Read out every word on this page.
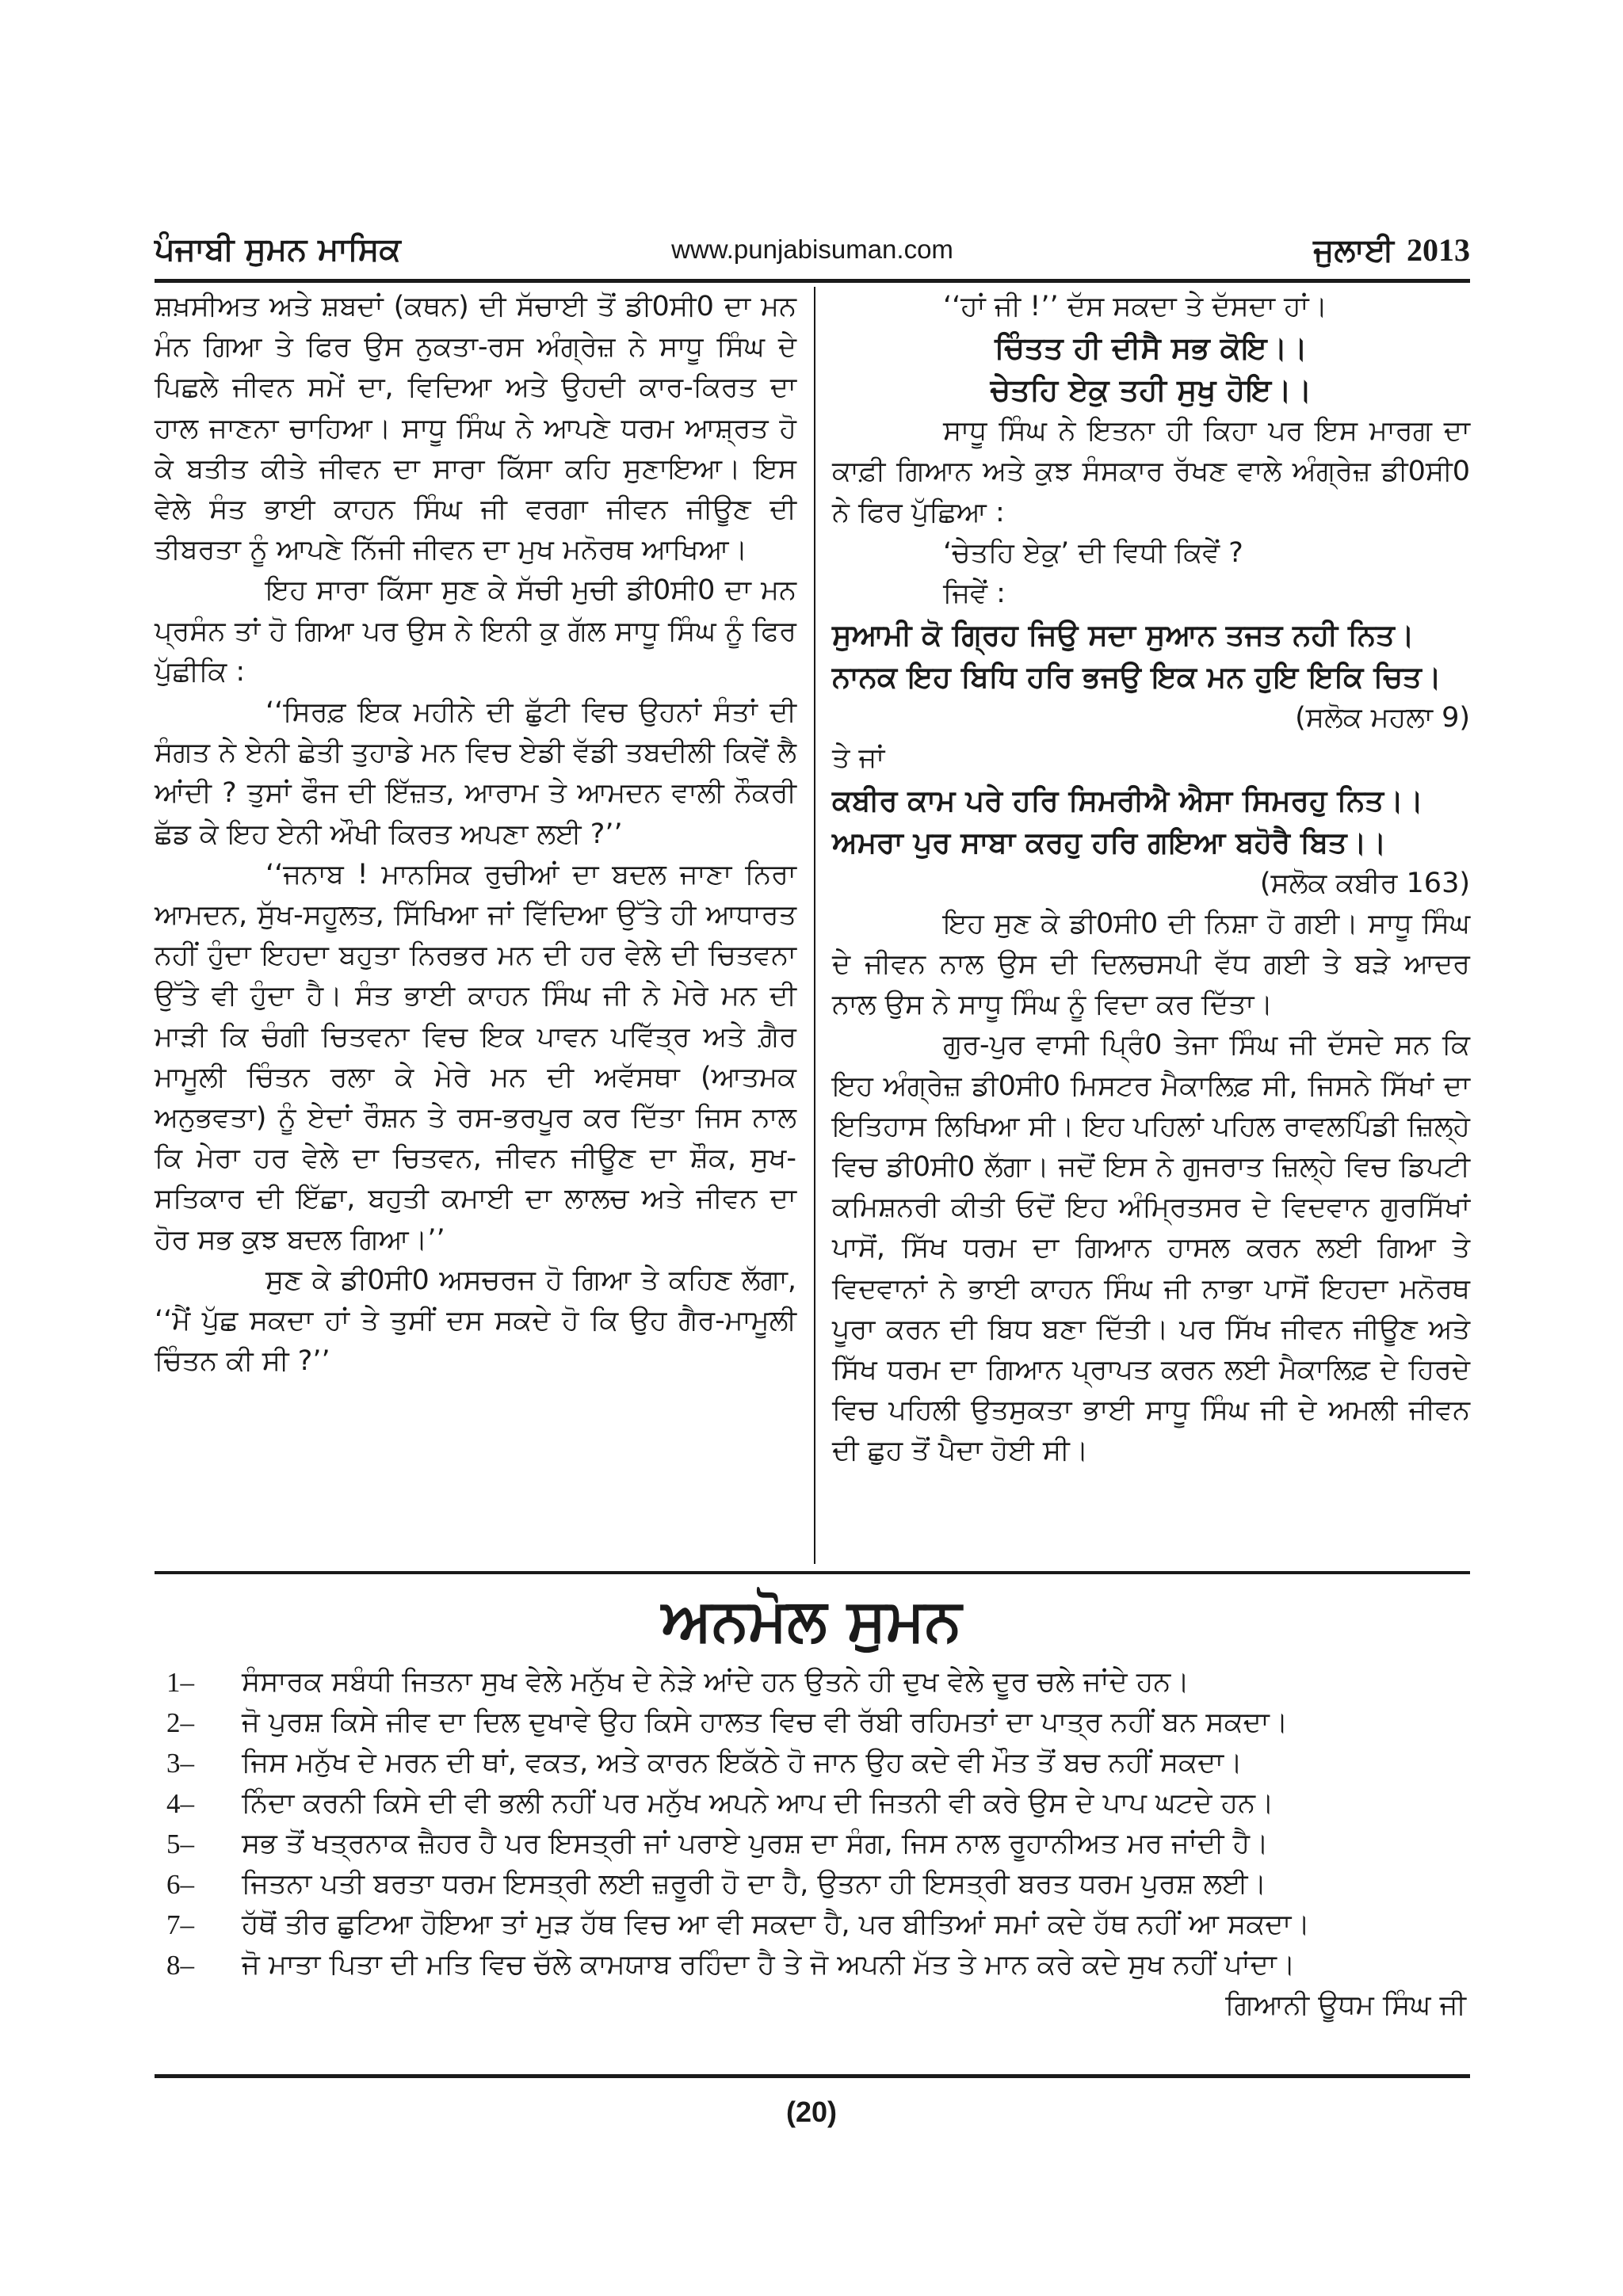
ਪੰਜਾਬੀ ਸੁਮਨ ਮਾਸਿਕ	www.punjabisuman.com	ਜੁਲਾਈ 2013

ਸ਼ਖ਼ਸੀਅਤ ਅਤੇ ਸ਼ਬਦਾਂ (ਕਥਨ) ਦੀ ਸੱਚਾਈ ਤੋਂ ਡੀ0ਸੀ0 ਦਾ ਮਨ ਮੰਨ ਗਿਆ ਤੇ ਫਿਰ ਉਸ ਨੁਕਤਾ-ਰਸ ਅੰਗ੍ਰੇਜ਼ ਨੇ ਸਾਧੂ ਸਿੰਘ ਦੇ ਪਿਛਲੇ ਜੀਵਨ ਸਮੇਂ ਦਾ, ਵਿਦਿਆ ਅਤੇ ਉਹਦੀ ਕਾਰ-ਕਿਰਤ ਦਾ ਹਾਲ ਜਾਣਨਾ ਚਾਹਿਆ। ਸਾਧੂ ਸਿੰਘ ਨੇ ਆਪਣੇ ਧਰਮ ਆਸ਼੍ਰਤ ਹੋ ਕੇ ਬਤੀਤ ਕੀਤੇ ਜੀਵਨ ਦਾ ਸਾਰਾ ਕਿੱਸਾ ਕਹਿ ਸੁਣਾਇਆ। ਇਸ ਵੇਲੇ ਸੰਤ ਭਾਈ ਕਾਹਨ ਸਿੰਘ ਜੀ ਵਰਗਾ ਜੀਵਨ ਜੀਊਣ ਦੀ ਤੀਬਰਤਾ ਨੂੰ ਆਪਣੇ ਨਿੱਜੀ ਜੀਵਨ ਦਾ ਮੁਖ ਮਨੋਰਥ ਆਖਿਆ।

ਇਹ ਸਾਰਾ ਕਿੱਸਾ ਸੁਣ ਕੇ ਸੱਚੀ ਮੁਚੀ ਡੀ0ਸੀ0 ਦਾ ਮਨ ਪ੍ਰਸੰਨ ਤਾਂ ਹੋ ਗਿਆ ਪਰ ਉਸ ਨੇ ਇਨੀ ਕੁ ਗੱਲ ਸਾਧੂ ਸਿੰਘ ਨੂੰ ਫਿਰ ਪੁੱਛੀਕਿ :

‘‘ਸਿਰਫ਼ ਇਕ ਮਹੀਨੇ ਦੀ ਛੁੱਟੀ ਵਿਚ ਉਹਨਾਂ ਸੰਤਾਂ ਦੀ ਸੰਗਤ ਨੇ ਏਨੀ ਛੇਤੀ ਤੁਹਾਡੇ ਮਨ ਵਿਚ ਏਡੀ ਵੱਡੀ ਤਬਦੀਲੀ ਕਿਵੇਂ ਲੈ ਆਂਦੀ ? ਤੁਸਾਂ ਫੌਜ ਦੀ ਇੱਜ਼ਤ, ਆਰਾਮ ਤੇ ਆਮਦਨ ਵਾਲੀ ਨੌਕਰੀ ਛੱਡ ਕੇ ਇਹ ਏਨੀ ਔਖੀ ਕਿਰਤ ਅਪਣਾ ਲਈ ?’’

‘‘ਜਨਾਬ ! ਮਾਨਸਿਕ ਰੁਚੀਆਂ ਦਾ ਬਦਲ ਜਾਣਾ ਨਿਰਾ ਆਮਦਨ, ਸੁੱਖ-ਸਹੂਲਤ, ਸਿੱਖਿਆ ਜਾਂ ਵਿੱਦਿਆ ਉੱਤੇ ਹੀ ਆਧਾਰਤ ਨਹੀਂ ਹੁੰਦਾ ਇਹਦਾ ਬਹੁਤਾ ਨਿਰਭਰ ਮਨ ਦੀ ਹਰ ਵੇਲੇ ਦੀ ਚਿਤਵਨਾ ਉੱਤੇ ਵੀ ਹੁੰਦਾ ਹੈ। ਸੰਤ ਭਾਈ ਕਾਹਨ ਸਿੰਘ ਜੀ ਨੇ ਮੇਰੇ ਮਨ ਦੀ ਮਾੜੀ ਕਿ ਚੰਗੀ ਚਿਤਵਨਾ ਵਿਚ ਇਕ ਪਾਵਨ ਪਵਿੱਤ੍ਰ ਅਤੇ ਗ਼ੈਰ ਮਾਮੂਲੀ ਚਿੰਤਨ ਰਲਾ ਕੇ ਮੇਰੇ ਮਨ ਦੀ ਅਵੱਸਥਾ (ਆਤਮਕ ਅਨੁਭਵਤਾ) ਨੂੰ ਏਦਾਂ ਰੌਸ਼ਨ ਤੇ ਰਸ-ਭਰਪੂਰ ਕਰ ਦਿੱਤਾ ਜਿਸ ਨਾਲ ਕਿ ਮੇਰਾ ਹਰ ਵੇਲੇ ਦਾ ਚਿਤਵਨ, ਜੀਵਨ ਜੀਊਣ ਦਾ ਸ਼ੌਕ, ਸੁਖ-ਸਤਿਕਾਰ ਦੀ ਇੱਛਾ, ਬਹੁਤੀ ਕਮਾਈ ਦਾ ਲਾਲਚ ਅਤੇ ਜੀਵਨ ਦਾ ਹੋਰ ਸਭ ਕੁਝ ਬਦਲ ਗਿਆ।’’

ਸੁਣ ਕੇ ਡੀ0ਸੀ0 ਅਸਚਰਜ ਹੋ ਗਿਆ ਤੇ ਕਹਿਣ ਲੱਗਾ, ‘‘ਮੈਂ ਪੁੱਛ ਸਕਦਾ ਹਾਂ ਤੇ ਤੁਸੀਂ ਦਸ ਸਕਦੇ ਹੋ ਕਿ ਉਹ ਗੈਰ-ਮਾਮੂਲੀ ਚਿੰਤਨ ਕੀ ਸੀ ?’’

‘‘ਹਾਂ ਜੀ !’’ ਦੱਸ ਸਕਦਾ ਤੇ ਦੱਸਦਾ ਹਾਂ।

ਚਿੰਤਤ ਹੀ ਦੀਸੈ ਸਭ ਕੋਇ।।

ਚੇਤਹਿ ਏਕੁ ਤਹੀ ਸੁਖੁ ਹੋਇ।।

ਸਾਧੂ ਸਿੰਘ ਨੇ ਇਤਨਾ ਹੀ ਕਿਹਾ ਪਰ ਇਸ ਮਾਰਗ ਦਾ ਕਾਫ਼ੀ ਗਿਆਨ ਅਤੇ ਕੁਝ ਸੰਸਕਾਰ ਰੱਖਣ ਵਾਲੇ ਅੰਗ੍ਰੇਜ਼ ਡੀ0ਸੀ0 ਨੇ ਫਿਰ ਪੁੱਛਿਆ :

‘ਚੇਤਹਿ ਏਕੁ’ ਦੀ ਵਿਧੀ ਕਿਵੇਂ ?

ਜਿਵੇਂ :

ਸੁਆਮੀ ਕੋ ਗ੍ਰਿਹ ਜਿਉ ਸਦਾ ਸੁਆਨ ਤਜਤ ਨਹੀ ਨਿਤ।

ਨਾਨਕ ਇਹ ਬਿਧਿ ਹਰਿ ਭਜਉ ਇਕ ਮਨ ਹੁਇ ਇਕਿ ਚਿਤ।

(ਸਲੋਕ ਮਹਲਾ 9)

ਤੇ ਜਾਂ

ਕਬੀਰ ਕਾਮ ਪਰੇ ਹਰਿ ਸਿਮਰੀਐ ਐਸਾ ਸਿਮਰਹੁ ਨਿਤ।।

ਅਮਰਾ ਪੁਰ ਸਾਬਾ ਕਰਹੁ ਹਰਿ ਗਇਆ ਬਹੋਰੈ ਬਿਤ।।

(ਸਲੋਕ ਕਬੀਰ 163)

ਇਹ ਸੁਣ ਕੇ ਡੀ0ਸੀ0 ਦੀ ਨਿਸ਼ਾ ਹੋ ਗਈ। ਸਾਧੂ ਸਿੰਘ ਦੇ ਜੀਵਨ ਨਾਲ ਉਸ ਦੀ ਦਿਲਚਸਪੀ ਵੱਧ ਗਈ ਤੇ ਬੜੇ ਆਦਰ ਨਾਲ ਉਸ ਨੇ ਸਾਧੂ ਸਿੰਘ ਨੂੰ ਵਿਦਾ ਕਰ ਦਿੱਤਾ।

ਗੁਰ-ਪੁਰ ਵਾਸੀ ਪ੍ਰਿੰ0 ਤੇਜਾ ਸਿੰਘ ਜੀ ਦੱਸਦੇ ਸਨ ਕਿ ਇਹ ਅੰਗ੍ਰੇਜ਼ ਡੀ0ਸੀ0 ਮਿਸਟਰ ਮੈਕਾਲਿਫ਼ ਸੀ, ਜਿਸਨੇ ਸਿੱਖਾਂ ਦਾ ਇਤਿਹਾਸ ਲਿਖਿਆ ਸੀ। ਇਹ ਪਹਿਲਾਂ ਪਹਿਲ ਰਾਵਲਪਿੰਡੀ ਜ਼ਿਲ੍ਹੇ ਵਿਚ ਡੀ0ਸੀ0 ਲੱਗਾ। ਜਦੋਂ ਇਸ ਨੇ ਗੁਜਰਾਤ ਜ਼ਿਲ੍ਹੇ ਵਿਚ ਡਿਪਟੀ ਕਮਿਸ਼ਨਰੀ ਕੀਤੀ ਓਦੋਂ ਇਹ ਅੰਮ੍ਰਿਤਸਰ ਦੇ ਵਿਦਵਾਨ ਗੁਰਸਿੱਖਾਂ ਪਾਸੋਂ, ਸਿੱਖ ਧਰਮ ਦਾ ਗਿਆਨ ਹਾਸਲ ਕਰਨ ਲਈ ਗਿਆ ਤੇ ਵਿਦਵਾਨਾਂ ਨੇ ਭਾਈ ਕਾਹਨ ਸਿੰਘ ਜੀ ਨਾਭਾ ਪਾਸੋਂ ਇਹਦਾ ਮਨੋਰਥ ਪੂਰਾ ਕਰਨ ਦੀ ਬਿਧ ਬਣਾ ਦਿੱਤੀ। ਪਰ ਸਿੱਖ ਜੀਵਨ ਜੀਊਣ ਅਤੇ ਸਿੱਖ ਧਰਮ ਦਾ ਗਿਆਨ ਪ੍ਰਾਪਤ ਕਰਨ ਲਈ ਮੈਕਾਲਿਫ਼ ਦੇ ਹਿਰਦੇ ਵਿਚ ਪਹਿਲੀ ਉਤਸੁਕਤਾ ਭਾਈ ਸਾਧੂ ਸਿੰਘ ਜੀ ਦੇ ਅਮਲੀ ਜੀਵਨ ਦੀ ਛੁਹ ਤੋਂ ਪੈਦਾ ਹੋਈ ਸੀ।

ਅਨਮੋਲ ਸੁਮਨ
1–	ਸੰਸਾਰਕ ਸਬੰਧੀ ਜਿਤਨਾ ਸੁਖ ਵੇਲੇ ਮਨੁੱਖ ਦੇ ਨੇੜੇ ਆਂਦੇ ਹਨ ਉਤਨੇ ਹੀ ਦੁਖ ਵੇਲੇ ਦੂਰ ਚਲੇ ਜਾਂਦੇ ਹਨ।
2–	ਜੋ ਪੁਰਸ਼ ਕਿਸੇ ਜੀਵ ਦਾ ਦਿਲ ਦੁਖਾਵੇ ਉਹ ਕਿਸੇ ਹਾਲਤ ਵਿਚ ਵੀ ਰੱਬੀ ਰਹਿਮਤਾਂ ਦਾ ਪਾਤ੍ਰ ਨਹੀਂ ਬਨ ਸਕਦਾ।
3–	ਜਿਸ ਮਨੁੱਖ ਦੇ ਮਰਨ ਦੀ ਥਾਂ, ਵਕਤ, ਅਤੇ ਕਾਰਨ ਇਕੱਠੇ ਹੋ ਜਾਨ ਉਹ ਕਦੇ ਵੀ ਮੌਤ ਤੋਂ ਬਚ ਨਹੀਂ ਸਕਦਾ।
4–	ਨਿੰਦਾ ਕਰਨੀ ਕਿਸੇ ਦੀ ਵੀ ਭਲੀ ਨਹੀਂ ਪਰ ਮਨੁੱਖ ਅਪਨੇ ਆਪ ਦੀ ਜਿਤਨੀ ਵੀ ਕਰੇ ਉਸ ਦੇ ਪਾਪ ਘਟਦੇ ਹਨ।
5–	ਸਭ ਤੋਂ ਖਤ੍ਰਨਾਕ ਜ਼ੈਹਰ ਹੈ ਪਰ ਇਸਤ੍ਰੀ ਜਾਂ ਪਰਾਏ ਪੁਰਸ਼ ਦਾ ਸੰਗ, ਜਿਸ ਨਾਲ ਰੂਹਾਨੀਅਤ ਮਰ ਜਾਂਦੀ ਹੈ।
6–	ਜਿਤਨਾ ਪਤੀ ਬਰਤਾ ਧਰਮ ਇਸਤ੍ਰੀ ਲਈ ਜ਼ਰੂਰੀ ਹੋ ਦਾ ਹੈ, ਉਤਨਾ ਹੀ ਇਸਤ੍ਰੀ ਬਰਤ ਧਰਮ ਪੁਰਸ਼ ਲਈ।
7–	ਹੱਥੋਂ ਤੀਰ ਛੁਟਿਆ ਹੋਇਆ ਤਾਂ ਮੁੜ ਹੱਥ ਵਿਚ ਆ ਵੀ ਸਕਦਾ ਹੈ, ਪਰ ਬੀਤਿਆਂ ਸਮਾਂ ਕਦੇ ਹੱਥ ਨਹੀਂ ਆ ਸਕਦਾ।
8–	ਜੋ ਮਾਤਾ ਪਿਤਾ ਦੀ ਮਤਿ ਵਿਚ ਚੱਲੇ ਕਾਮਯਾਬ ਰਹਿੰਦਾ ਹੈ ਤੇ ਜੋ ਅਪਨੀ ਮੱਤ ਤੇ ਮਾਨ ਕਰੇ ਕਦੇ ਸੁਖ ਨਹੀਂ ਪਾਂਦਾ।
ਗਿਆਨੀ ਊਧਮ ਸਿੰਘ ਜੀ
(20)
